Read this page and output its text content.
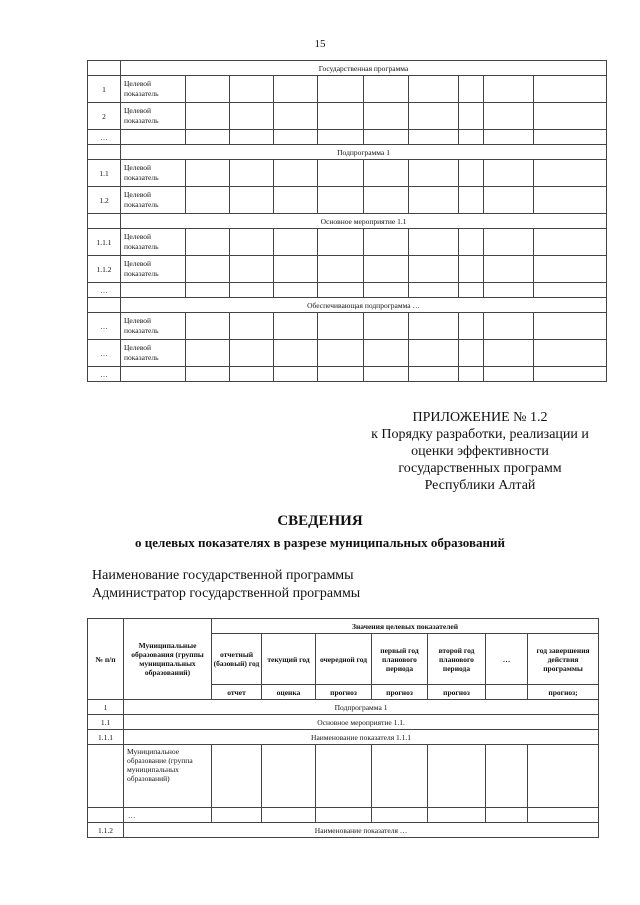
15
	Государственная программа									
1	Целевой показатель									
2	Целевой показатель									
…										
	Подпрограмма 1									
1.1	Целевой показатель									
1.2	Целевой показатель									
	Основное мероприятие 1.1									
1.1.1	Целевой показатель									
1.1.2	Целевой показатель									
…										
	Обеспечивающая подпрограмма …									
…	Целевой показатель									
…	Целевой показатель									
…										
ПРИЛОЖЕНИЕ № 1.2
к Порядку разработки, реализации и
оценки эффективности
государственных программ
Республики Алтай
СВЕДЕНИЯ
о целевых показателях в разрезе муниципальных образований
Наименование государственной программы
Администратор государственной программы
№ п/п	Муниципальные образования (группы муниципальных образований)	Значения целевых показателей						
		отчетный (базовый) год	текущий год	очередной год	первый год планового периода	второй год планового периода	…	год завершения действия программы
		отчет	оценка	прогноз	прогноз	прогноз		прогноз;
1	Подпрограмма 1							
1.1	Основное мероприятие 1.1.							
1.1.1	Наименование показателя 1.1.1							
	Муниципальное образование (группа муниципальных образований)							
	…							
1.1.2	Наименование показателя …							
